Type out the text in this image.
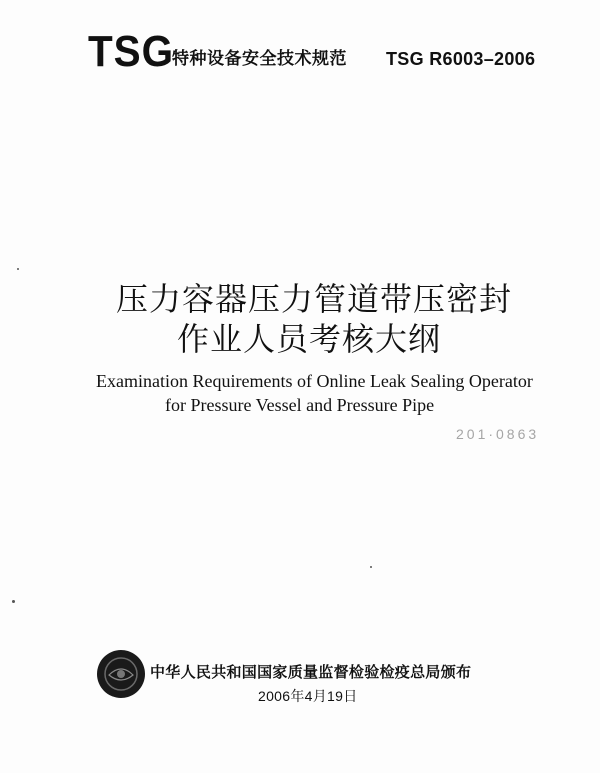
TSG
特种设备安全技术规范 TSG R6003–2006
压力容器压力管道带压密封
作业人员考核大纲
Examination Requirements of Online Leak Sealing Operator
for Pressure Vessel and Pressure Pipe
201·0863
中华人民共和国国家质量监督检验检疫总局颁布
2006年4月19日
